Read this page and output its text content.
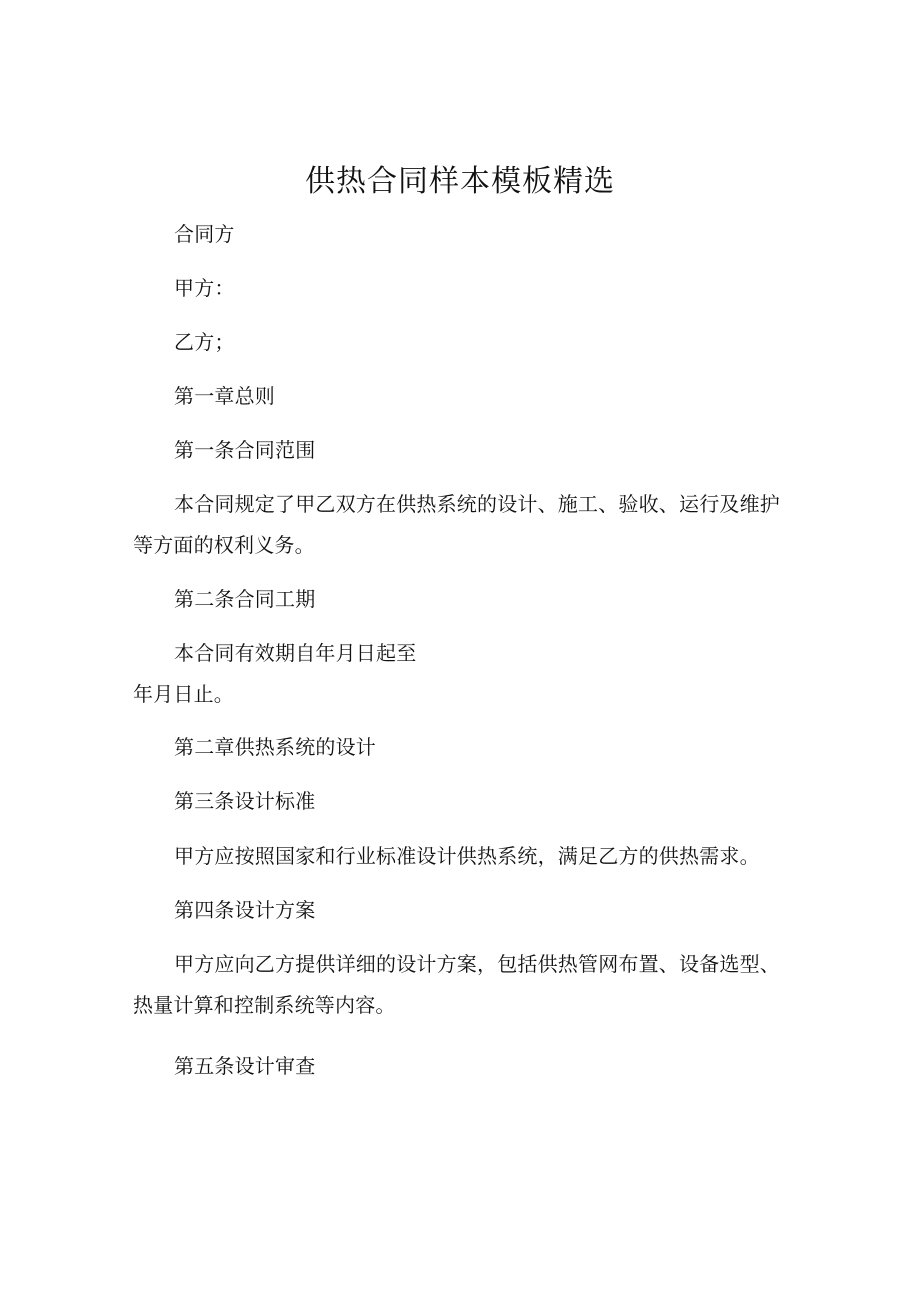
供热合同样本模板精选
合同方
甲方：
乙方；
第一章总则
第一条合同范围
本合同规定了甲乙双方在供热系统的设计、施工、验收、运行及维护
等方面的权利义务。
第二条合同工期
本合同有效期自年月日起至
年月日止。
第二章供热系统的设计
第三条设计标准
甲方应按照国家和行业标准设计供热系统，满足乙方的供热需求。
第四条设计方案
甲方应向乙方提供详细的设计方案，包括供热管网布置、设备选型、
热量计算和控制系统等内容。
第五条设计审查
